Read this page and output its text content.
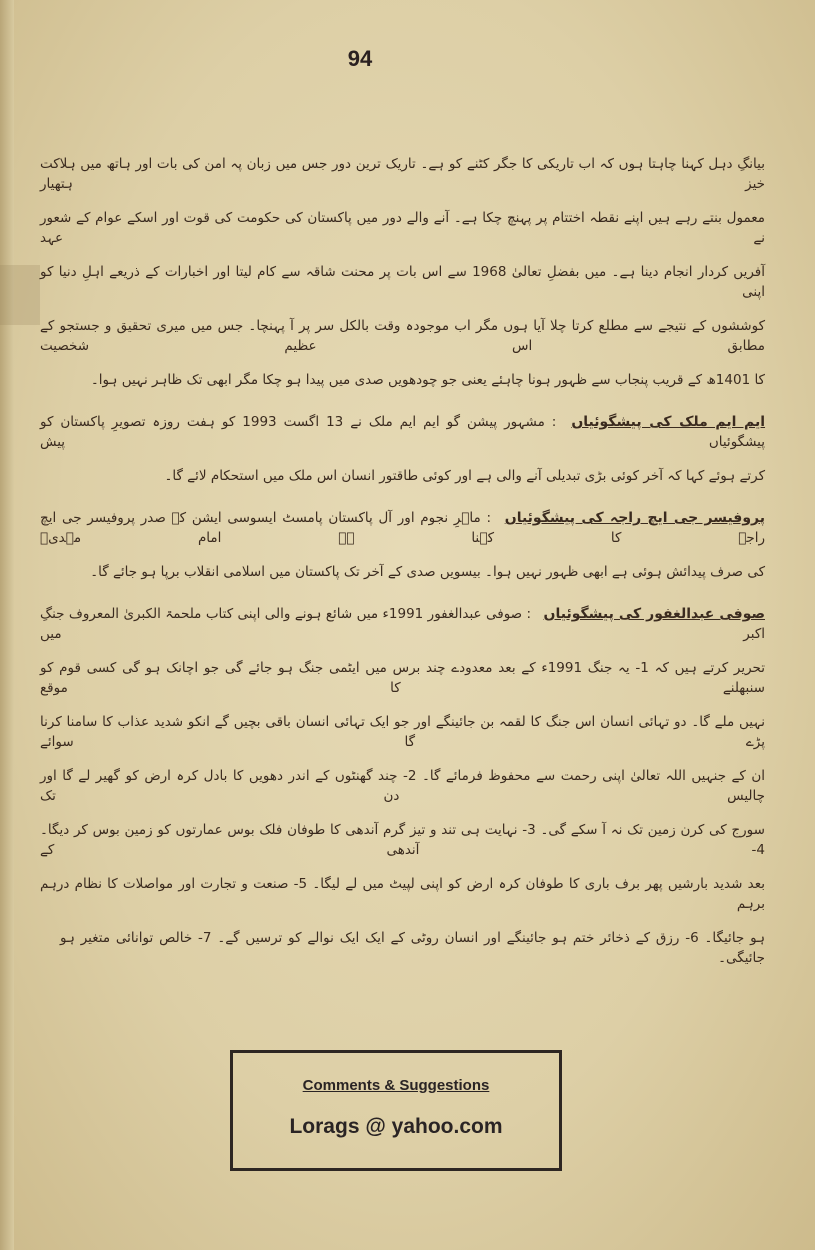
94
بیانگِ دہل کہنا چاہتا ہوں کہ اب تاریکی کا جگر کٹنے کو ہے۔ تاریک ترین دور جس میں زبان پہ امن کی بات اور ہاتھ میں ہلاکت خیز ہتھیار
معمول بنتے رہے ہیں اپنے نقطہ اختتام پر پہنچ چکا ہے۔ آنے والے دور میں پاکستان کی حکومت کی قوت اور اسکے عوام کے شعور نے عہد
آفریں کردار انجام دینا ہے۔ میں بفضلِ تعالیٰ 1968 سے اس بات پر محنت شاقہ سے کام لیتا اور اخبارات کے ذریعے اہلِ دنیا کو اپنی
کوششوں کے نتیجے سے مطلع کرتا چلا آیا ہوں مگر اب موجودہ وقت بالکل سر پر آ پہنچا۔ جس میں میری تحقیق و جستجو کے مطابق اس عظیم شخصیت
کا 1401ھ کے قریب پنجاب سے ظہور ہونا چاہئے یعنی جو چودھویں صدی میں پیدا ہو چکا مگر ابھی تک ظاہر نہیں ہوا۔
ایم ایم ملک کی پیشگوئیاں : مشہور پیشن گو ایم ایم ملک نے 13 اگست 1993 کو ہفت روزہ تصویرِ پاکستان کو پیشگوئیاں پیش
کرتے ہوئے کہا کہ آخر کوئی بڑی تبدیلی آنے والی ہے اور کوئی طاقتور انسان اس ملک میں استحکام لائے گا۔
پروفیسر جی ایچ راجہ کی پیشگوئیاں : ماہرِ نجوم اور آل پاکستان پامسٹ ایسوسی ایشن کے صدر پروفیسر جی ایچ راجہ کا کہنا ہے امام مہدیؑ
کی صرف پیدائش ہوئی ہے ابھی ظہور نہیں ہوا۔ بیسویں صدی کے آخر تک پاکستان میں اسلامی انقلاب برپا ہو جائے گا۔
صوفی عبدالغفور کی پیشگوئیاں : صوفی عبدالغفور 1991ء میں شائع ہونے والی اپنی کتاب ملحمۃ الکبریٰ المعروف جنگِ اکبر میں
تحریر کرتے ہیں کہ 1- یہ جنگ 1991ء کے بعد معدودے چند برس میں ایٹمی جنگ ہو جائے گی جو اچانک ہو گی کسی قوم کو سنبھلنے کا موقع
نہیں ملے گا۔ دو تہائی انسان اس جنگ کا لقمہ بن جائینگے اور جو ایک تہائی انسان باقی بچیں گے انکو شدید عذاب کا سامنا کرنا پڑے گا سوائے
ان کے جنہیں اللہ تعالیٰ اپنی رحمت سے محفوظ فرمائے گا۔ 2- چند گھنٹوں کے اندر دھویں کا بادل کرہ ارض کو گھیر لے گا اور چالیس دن تک
سورج کی کرن زمین تک نہ آ سکے گی۔ 3- نہایت ہی تند و تیز گرم آندھی کا طوفان فلک بوس عمارتوں کو زمین بوس کر دیگا۔ 4- آندھی کے
بعد شدید بارشیں پھر برف باری کا طوفان کرہ ارض کو اپنی لپیٹ میں لے لیگا۔ 5- صنعت و تجارت اور مواصلات کا نظام درہم برہم
ہو جائیگا۔ 6- رزق کے ذخائر ختم ہو جائینگے اور انسان روٹی کے ایک ایک نوالے کو ترسیں گے۔ 7- خالص توانائی متغیر ہو جائیگی۔
Comments & Suggestions
Lorags @ yahoo.com
